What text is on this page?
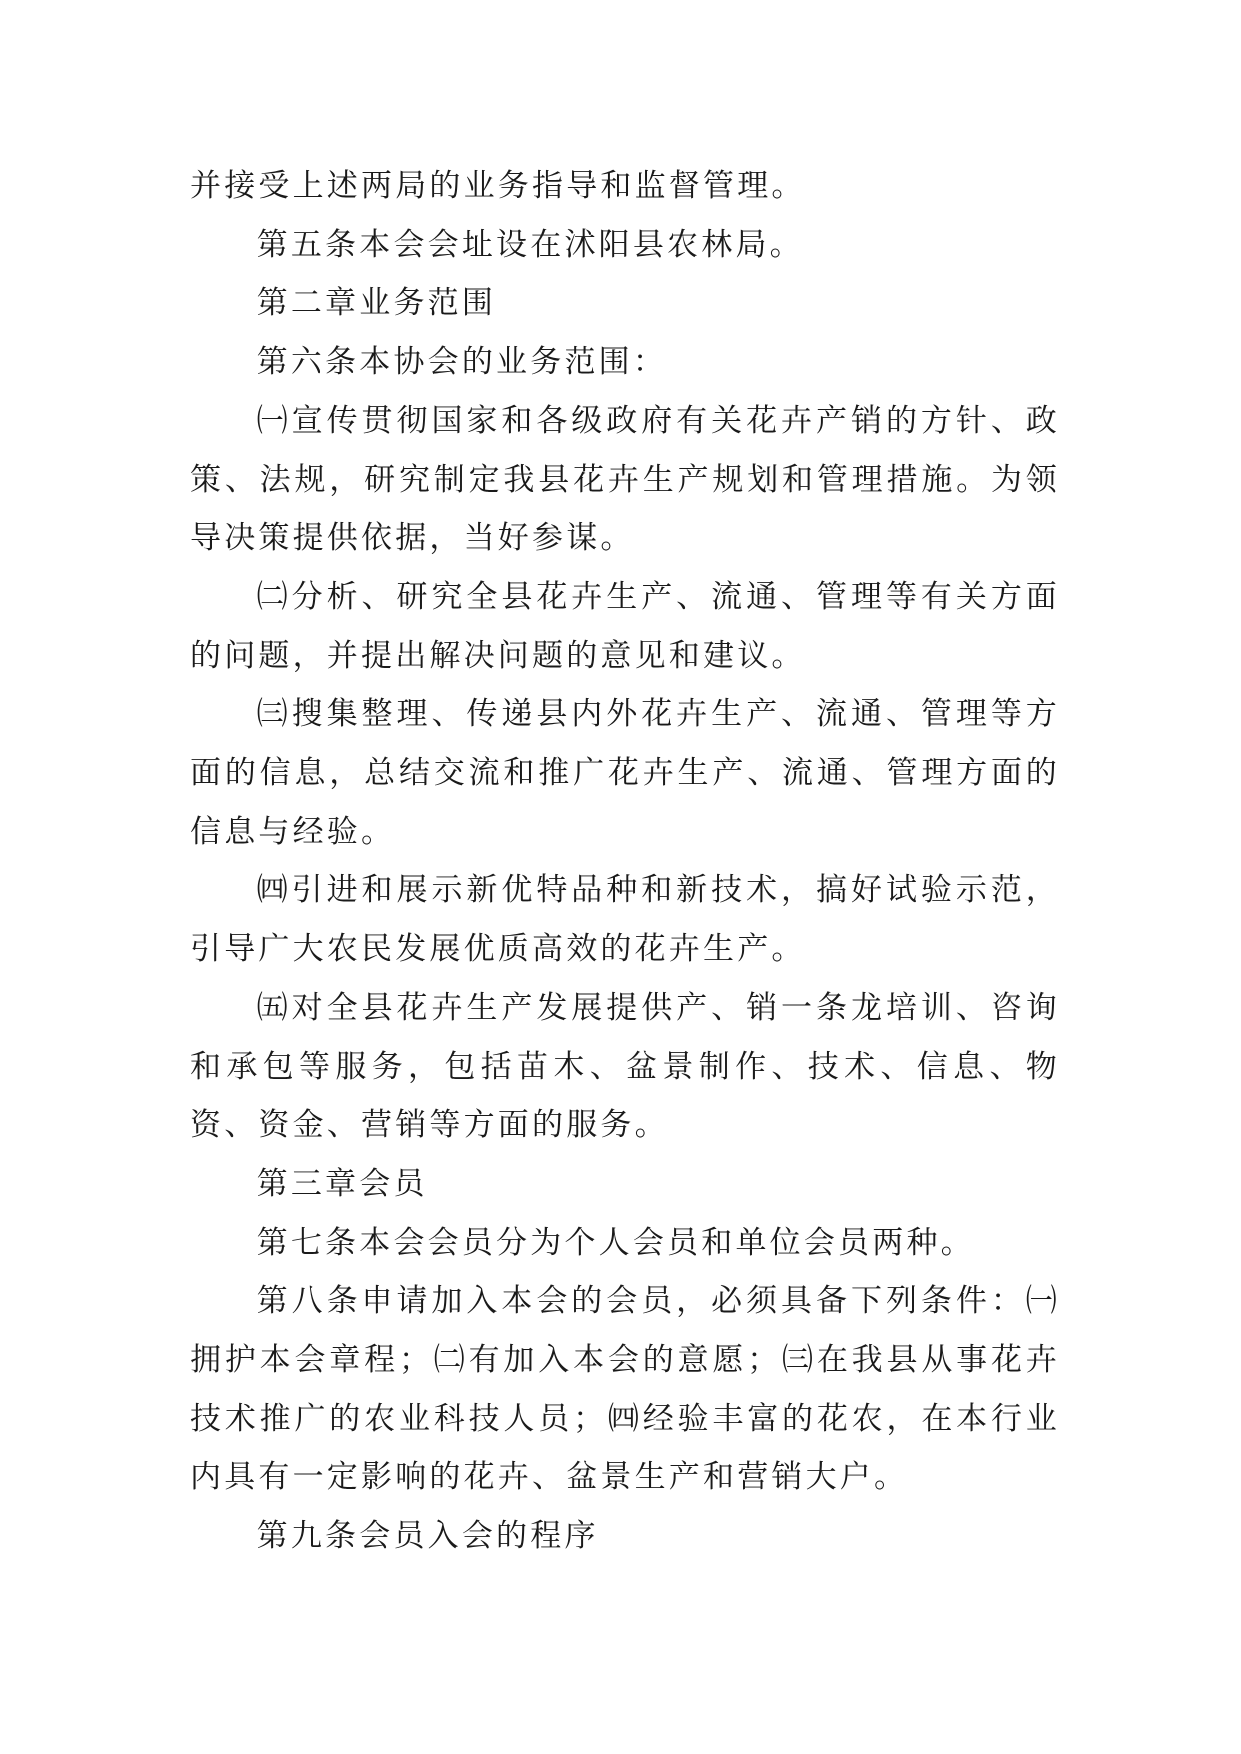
并接受上述两局的业务指导和监督管理。

第五条本会会址设在沭阳县农林局。

第二章业务范围

第六条本协会的业务范围：

㈠宣传贯彻国家和各级政府有关花卉产销的方针、政策、法规，研究制定我县花卉生产规划和管理措施。为领导决策提供依据，当好参谋。

㈡分析、研究全县花卉生产、流通、管理等有关方面的问题，并提出解决问题的意见和建议。

㈢搜集整理、传递县内外花卉生产、流通、管理等方面的信息，总结交流和推广花卉生产、流通、管理方面的信息与经验。

㈣引进和展示新优特品种和新技术，搞好试验示范，引导广大农民发展优质高效的花卉生产。

㈤对全县花卉生产发展提供产、销一条龙培训、咨询和承包等服务，包括苗木、盆景制作、技术、信息、物资、资金、营销等方面的服务。

第三章会员

第七条本会会员分为个人会员和单位会员两种。

第八条申请加入本会的会员，必须具备下列条件：㈠拥护本会章程；㈡有加入本会的意愿；㈢在我县从事花卉技术推广的农业科技人员；㈣经验丰富的花农，在本行业内具有一定影响的花卉、盆景生产和营销大户。

第九条会员入会的程序
